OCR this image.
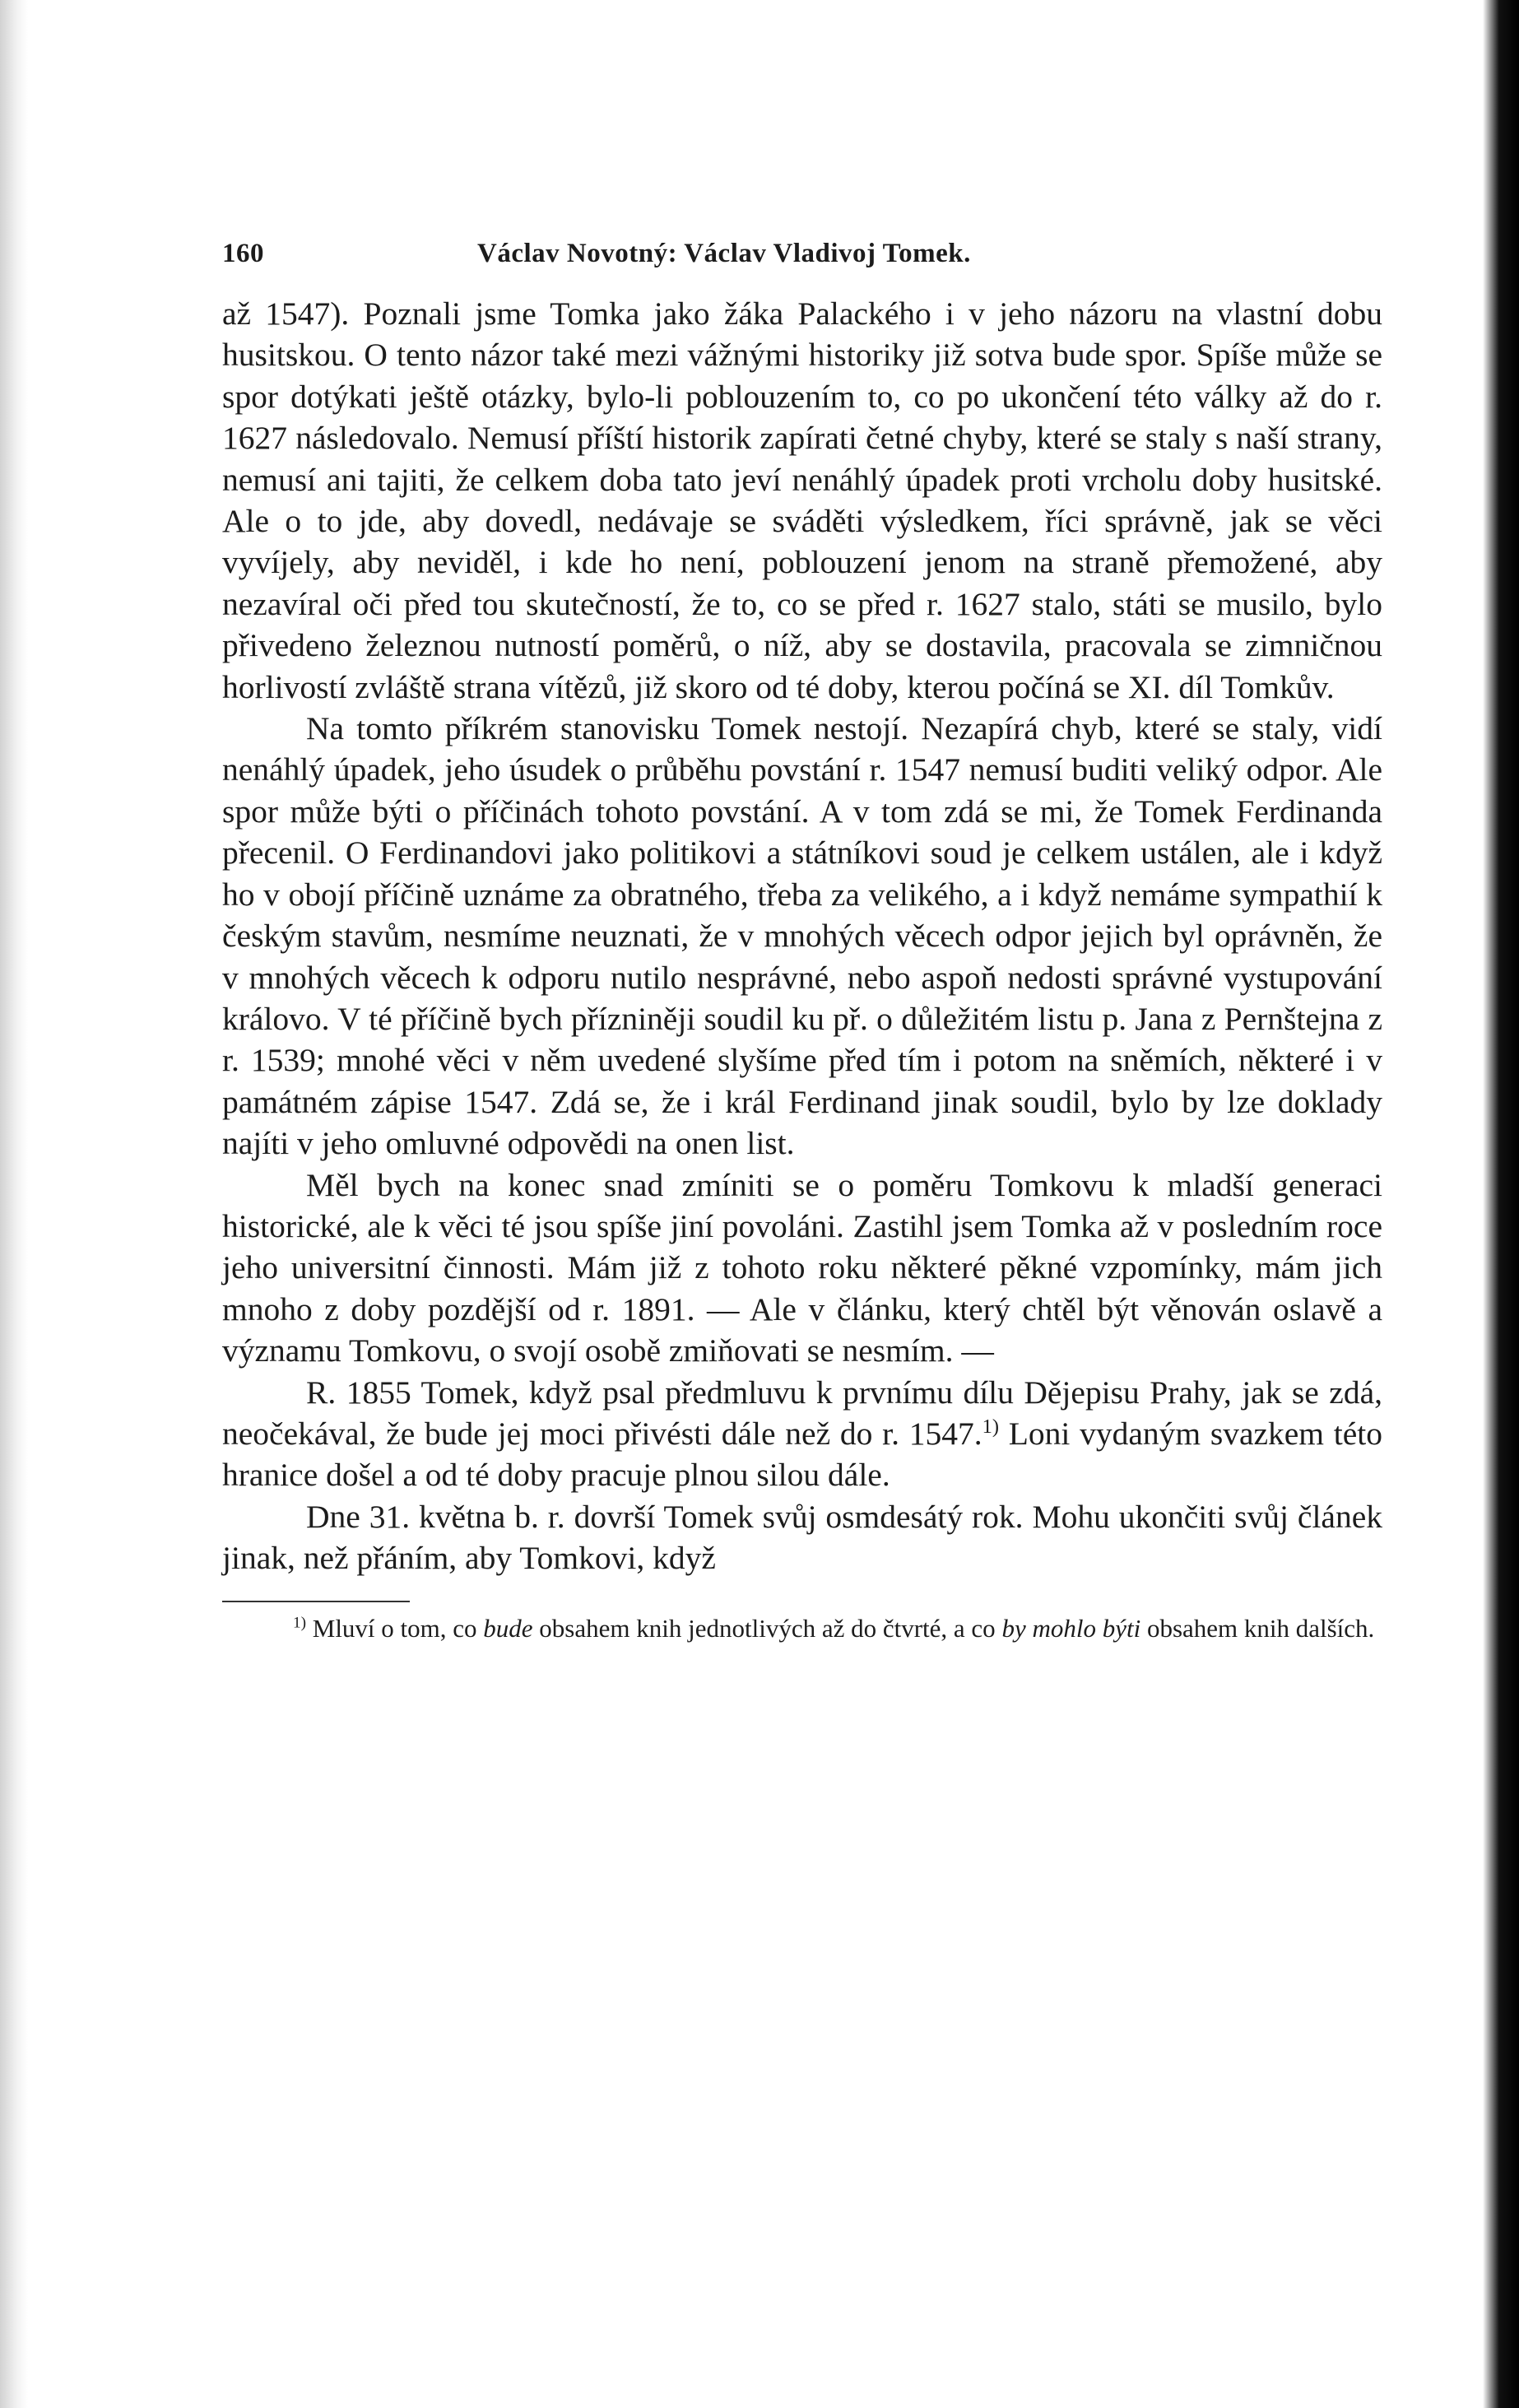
160	Václav Novotný: Václav Vladivoj Tomek.

až 1547). Poznali jsme Tomka jako žáka Palackého i v jeho názoru na vlastní dobu husitskou. O tento názor také mezi vážnými historiky již sotva bude spor. Spíše může se spor dotýkati ještě otázky, bylo-li poblouzením to, co po ukončení této války až do r. 1627 následovalo. Nemusí příští historik zapírati četné chyby, které se staly s naší strany, nemusí ani tajiti, že celkem doba tato jeví nenáhlý úpadek proti vrcholu doby husitské. Ale o to jde, aby dovedl, nedávaje se sváděti výsledkem, říci správně, jak se věci vyvíjely, aby neviděl, i kde ho není, poblouzení jenom na straně přemožené, aby nezavíral oči před tou skutečností, že to, co se před r. 1627 stalo, státi se musilo, bylo přivedeno železnou nutností poměrů, o níž, aby se dostavila, pracovala se zimničnou horlivostí zvláště strana vítězů, již skoro od té doby, kterou počíná se XI. díl Tomkův.

Na tomto příkrém stanovisku Tomek nestojí. Nezapírá chyb, které se staly, vidí nenáhlý úpadek, jeho úsudek o průběhu povstání r. 1547 nemusí buditi veliký odpor. Ale spor může býti o příčinách tohoto povstání. A v tom zdá se mi, že Tomek Ferdinanda přecenil. O Ferdinandovi jako politikovi a státníkovi soud je celkem ustálen, ale i když ho v obojí příčině uznáme za obratného, třeba za velikého, a i když nemáme sympathií k českým stavům, nesmíme neuznati, že v mnohých věcech odpor jejich byl oprávněn, že v mnohých věcech k odporu nutilo nesprávné, nebo aspoň nedosti správné vystupování královo. V té příčině bych přízniněji soudil ku př. o důležitém listu p. Jana z Pernštejna z r. 1539; mnohé věci v něm uvedené slyšíme před tím i potom na sněmích, některé i v památném zápise 1547. Zdá se, že i král Ferdinand jinak soudil, bylo by lze doklady najíti v jeho omluvné odpovědi na onen list.

Měl bych na konec snad zmíniti se o poměru Tomkovu k mladší generaci historické, ale k věci té jsou spíše jiní povoláni. Zastihl jsem Tomka až v posledním roce jeho universitní činnosti. Mám již z tohoto roku některé pěkné vzpomínky, mám jich mnoho z doby pozdější od r. 1891. — Ale v článku, který chtěl být věnován oslavě a významu Tomkovu, o svojí osobě zmiňovati se nesmím. —

R. 1855 Tomek, když psal předmluvu k prvnímu dílu Dějepisu Prahy, jak se zdá, neočekával, že bude jej moci přivésti dále než do r. 1547.$^{1)}$ Loni vydaným svazkem této hranice došel a od té doby pracuje plnou silou dále.

Dne 31. května b. r. dovrší Tomek svůj osmdesátý rok. Mohu ukončiti svůj článek jinak, než přáním, aby Tomkovi, když

$^{1)}$ Mluví o tom, co bude obsahem knih jednotlivých až do čtvrté, a co by mohlo býti obsahem knih dalších.
